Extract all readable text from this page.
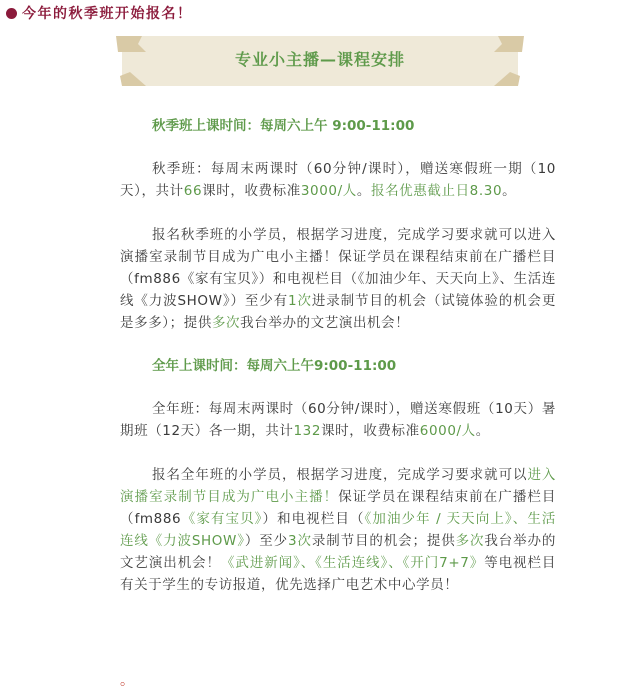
今年的秋季班开始报名！
专业小主播—课程安排

秋季班上课时间：每周六上午 9:00-11:00

秋季班：每周末两课时（60分钟/课时），赠送寒假班一期（10天），共计66课时，收费标准3000/人。报名优惠截止日8.30。

报名秋季班的小学员，根据学习进度，完成学习要求就可以进入演播室录制节目成为广电小主播！保证学员在课程结束前在广播栏目（fm886《家有宝贝》）和电视栏目（《加油少年、天天向上》、生活连线《力波SHOW》）至少有1次进录制节目的机会（试镜体验的机会更是多多）；提供多次我台举办的文艺演出机会！

全年上课时间：每周六上午9:00-11:00

全年班：每周末两课时（60分钟/课时），赠送寒假班（10天）暑期班（12天）各一期，共计132课时，收费标准6000/人。

报名全年班的小学员，根据学习进度，完成学习要求就可以进入演播室录制节目成为广电小主播！保证学员在课程结束前在广播栏目（fm886《家有宝贝》）和电视栏目（《加油少年 / 天天向上》、生活连线《力波SHOW》）至少3次录制节目的机会；提供多次我台举办的文艺演出机会！《武进新闻》、《生活连线》、《开门7+7》等电视栏目有关于学生的专访报道，优先选择广电艺术中心学员！

。
